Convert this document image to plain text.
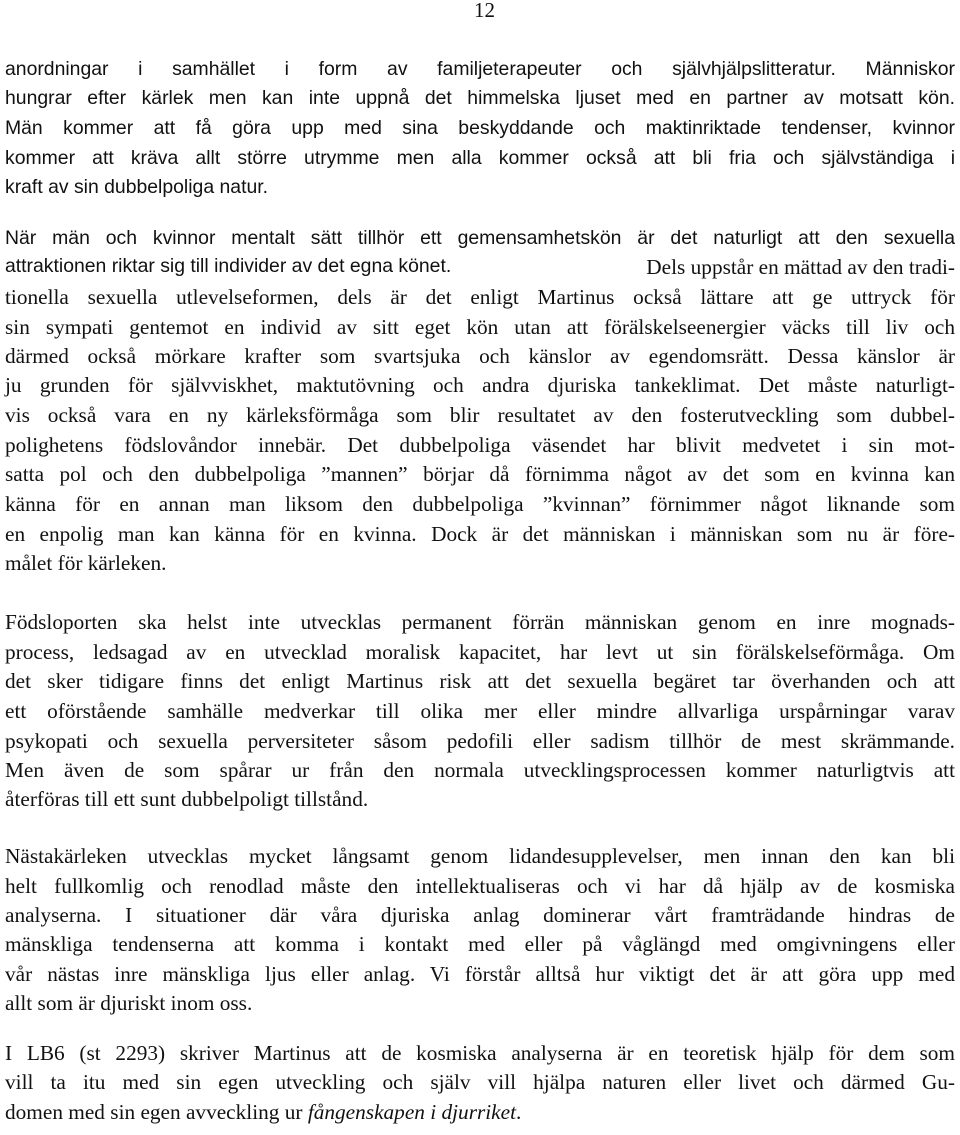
12
anordningar i samhället i form av familjeterapeuter och självhjälpslitteratur. Människor
hungrar efter kärlek men kan inte uppnå det himmelska ljuset med en partner av motsatt kön.
Män kommer att få göra upp med sina beskyddande och maktinriktade tendenser, kvinnor
kommer att kräva allt större utrymme men alla kommer också att bli fria och självständiga i
kraft av sin dubbelpoliga natur.
När män och kvinnor mentalt sätt tillhör ett gemensamhetskön är det naturligt att den sexuella
attraktionen riktar sig till individer av det egna könet.	Dels uppstår en mättad av den tradi-
tionella sexuella utlevelseformen, dels är det enligt Martinus också lättare att ge uttryck för
sin sympati gentemot en individ av sitt eget kön utan att förälskelseenergier väcks till liv och
därmed också mörkare krafter som svartsjuka och känslor av egendomsrätt. Dessa känslor är
ju grunden för självviskhet, maktutövning och andra djuriska tankeklimat. Det måste naturligt-
vis också vara en ny kärleksförmåga som blir resultatet av den fosterutveckling som dubbel-
polighetens födslovåndor innebär. Det dubbelpoliga väsendet har blivit medvetet i sin mot-
satta pol och den dubbelpoliga ”mannen” börjar då förnimma något av det som en kvinna kan
känna för en annan man liksom den dubbelpoliga ”kvinnan” förnimmer något liknande som
en enpolig man kan känna för en kvinna. Dock är det människan i människan som nu är före-
målet för kärleken.
Födsloporten ska helst inte utvecklas permanent förrän människan genom en inre mognads-
process, ledsagad av en utvecklad moralisk kapacitet, har levt ut sin förälskelseförmåga. Om
det sker tidigare finns det enligt Martinus risk att det sexuella begäret tar överhanden och att
ett oförstående samhälle medverkar till olika mer eller mindre allvarliga urspårningar varav
psykopati och sexuella perversiteter såsom pedofili eller sadism tillhör de mest skrämmande.
Men även de som spårar ur från den normala utvecklingsprocessen kommer naturligtvis att
återföras till ett sunt dubbelpoligt tillstånd.
Nästakärleken utvecklas mycket långsamt genom lidandesupplevelser, men innan den kan bli
helt fullkomlig och renodlad måste den intellektualiseras och vi har då hjälp av de kosmiska
analyserna. I situationer där våra djuriska anlag dominerar vårt framträdande hindras de
mänskliga tendenserna att komma i kontakt med eller på våglängd med omgivningens eller
vår nästas inre mänskliga ljus eller anlag. Vi förstår alltså hur viktigt det är att göra upp med
allt som är djuriskt inom oss.
I LB6 (st 2293) skriver Martinus att de kosmiska analyserna är en teoretisk hjälp för dem som
vill ta itu med sin egen utveckling och själv vill hjälpa naturen eller livet och därmed Gu-
domen med sin egen avveckling ur fångenskapen i djurriket.
